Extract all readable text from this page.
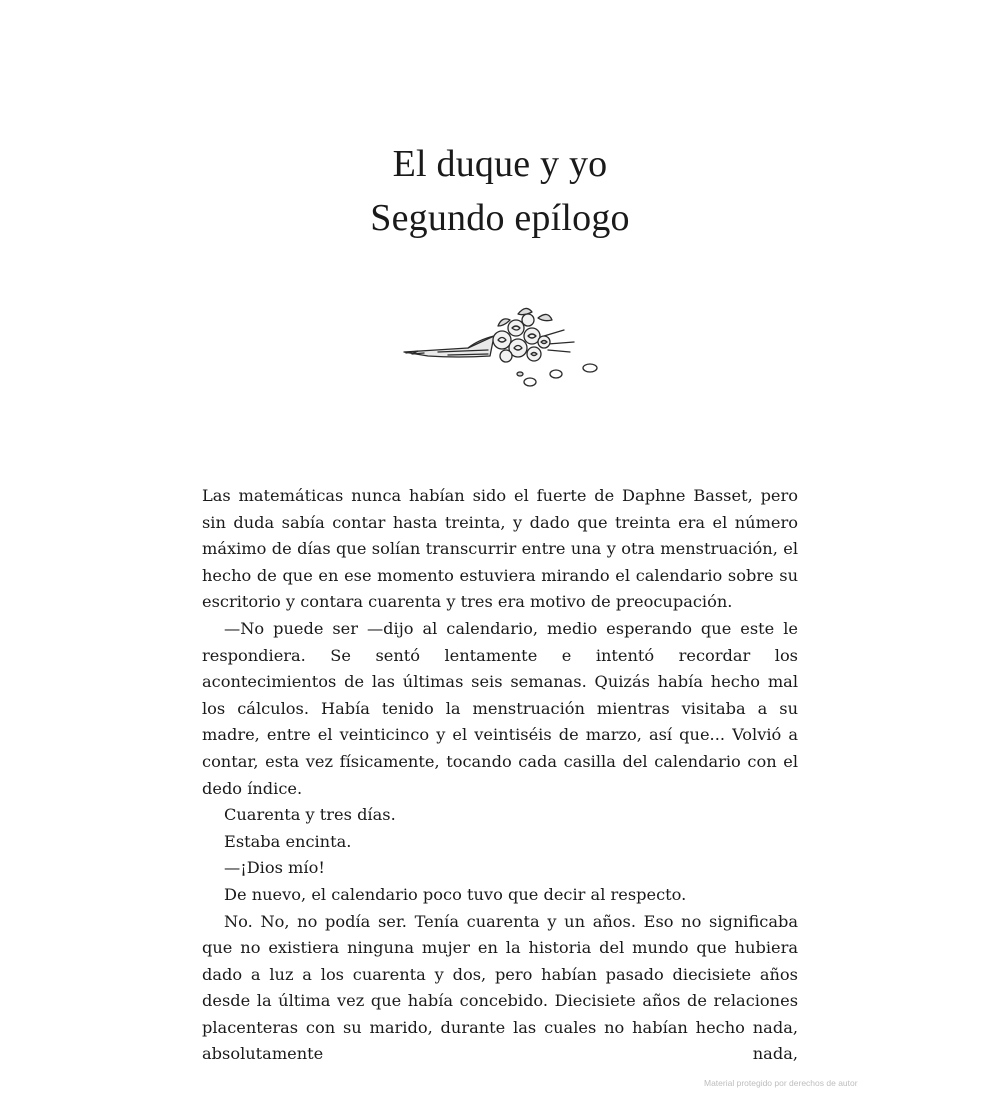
El duque y yo
Segundo epílogo

Las matemáticas nunca habían sido el fuerte de Daphne Basset, pero sin duda sabía contar hasta treinta, y dado que treinta era el número máximo de días que solían transcurrir entre una y otra menstruación, el hecho de que en ese momento estuviera mirando el calendario sobre su escritorio y contara cuarenta y tres era motivo de preocupación.

—No puede ser —dijo al calendario, medio esperando que este le respondiera. Se sentó lentamente e intentó recordar los acontecimientos de las últimas seis semanas. Quizás había hecho mal los cálculos. Había tenido la menstruación mientras visitaba a su madre, entre el veinticinco y el veintiséis de marzo, así que... Volvió a contar, esta vez físicamente, tocando cada casilla del calendario con el dedo índice.

Cuarenta y tres días.

Estaba encinta.

—¡Dios mío!

De nuevo, el calendario poco tuvo que decir al respecto.

No. No, no podía ser. Tenía cuarenta y un años. Eso no significaba que no existiera ninguna mujer en la historia del mundo que hubiera dado a luz a los cuarenta y dos, pero habían pasado diecisiete años desde la última vez que había concebido. Diecisiete años de relaciones placenteras con su marido, durante las cuales no habían hecho nada, absolutamente nada,

Material protegido por derechos de autor
